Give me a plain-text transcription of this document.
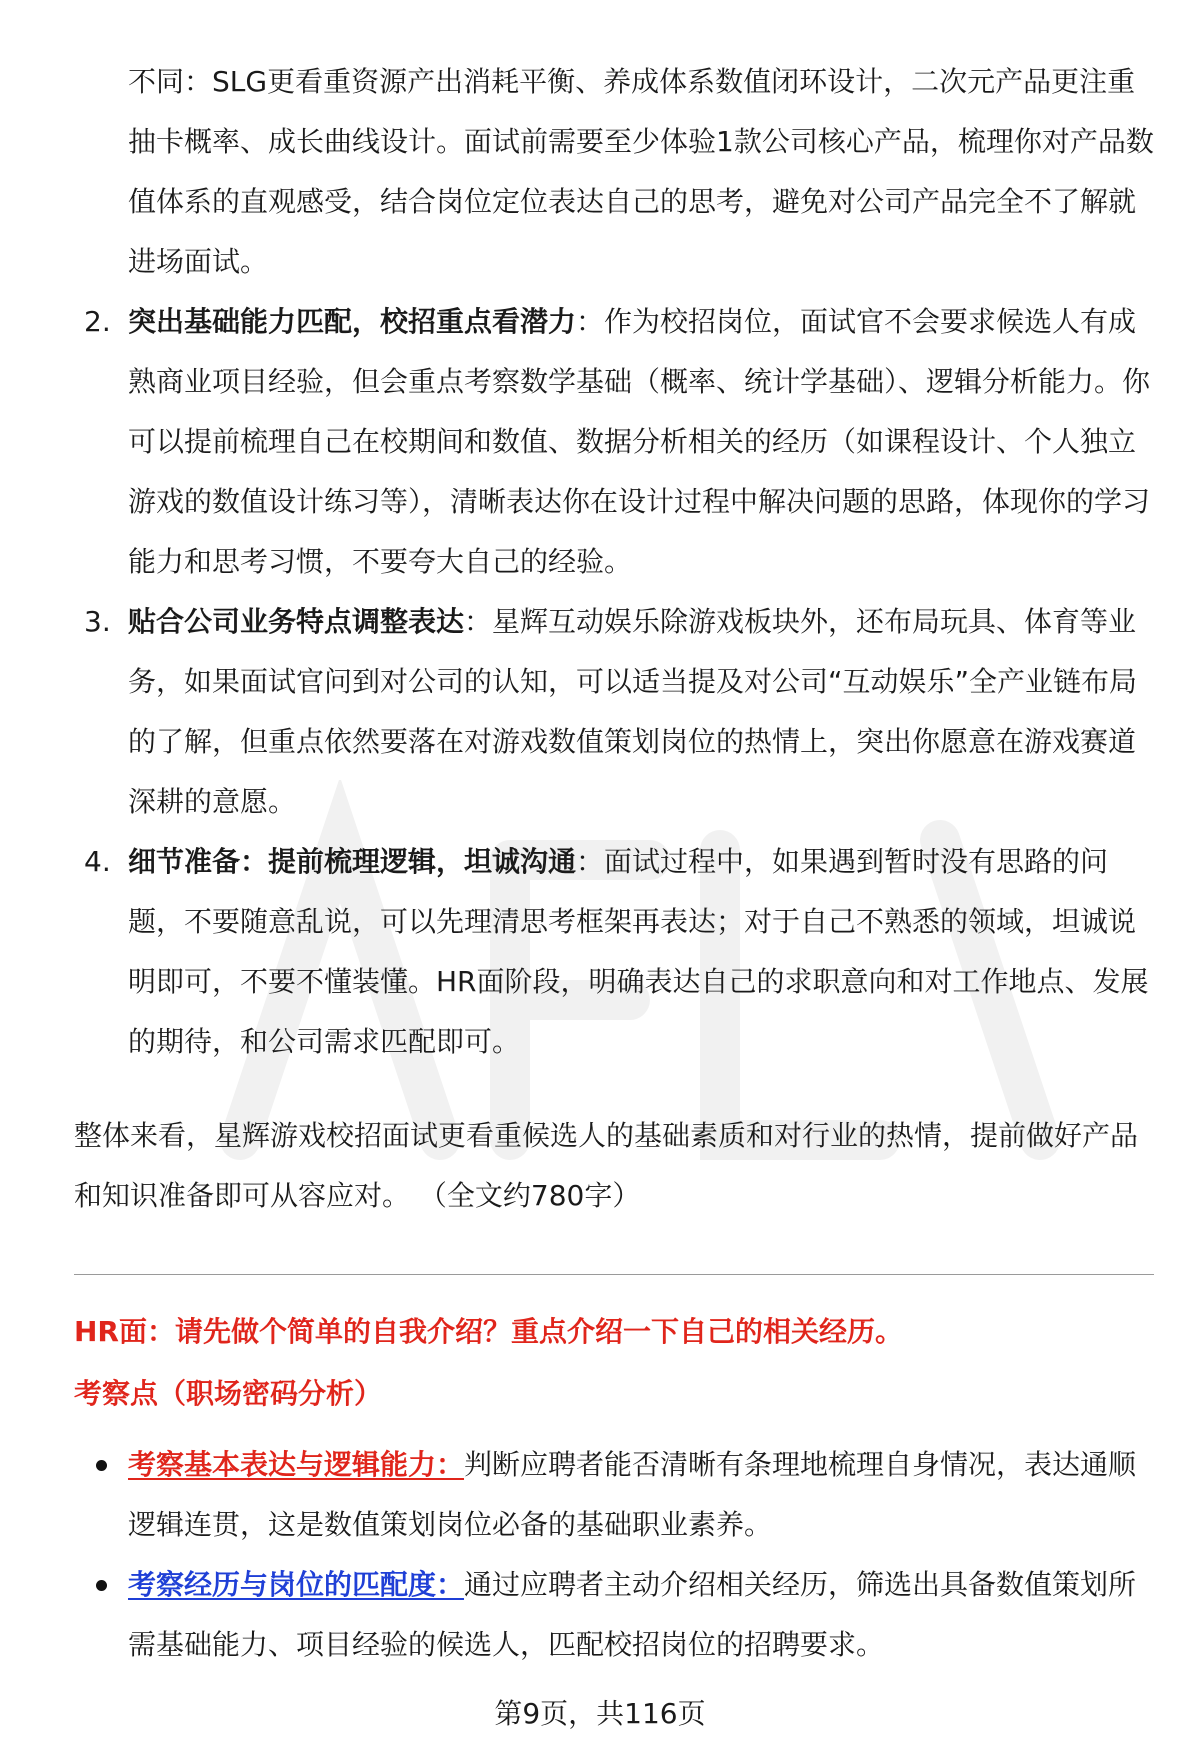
不同：SLG更看重资源产出消耗平衡、养成体系数值闭环设计，二次元产品更注重抽卡概率、成长曲线设计。面试前需要至少体验1款公司核心产品，梳理你对产品数值体系的直观感受，结合岗位定位表达自己的思考，避免对公司产品完全不了解就进场面试。
2. 突出基础能力匹配，校招重点看潜力：作为校招岗位，面试官不会要求候选人有成熟商业项目经验，但会重点考察数学基础（概率、统计学基础）、逻辑分析能力。你可以提前梳理自己在校期间和数值、数据分析相关的经历（如课程设计、个人独立游戏的数值设计练习等），清晰表达你在设计过程中解决问题的思路，体现你的学习能力和思考习惯，不要夸大自己的经验。
3. 贴合公司业务特点调整表达：星辉互动娱乐除游戏板块外，还布局玩具、体育等业务，如果面试官问到对公司的认知，可以适当提及对公司“互动娱乐”全产业链布局的了解，但重点依然要落在对游戏数值策划岗位的热情上，突出你愿意在游戏赛道深耕的意愿。
4. 细节准备：提前梳理逻辑，坦诚沟通：面试过程中，如果遇到暂时没有思路的问题，不要随意乱说，可以先理清思考框架再表达；对于自己不熟悉的领域，坦诚说明即可，不要不懂装懂。HR面阶段，明确表达自己的求职意向和对工作地点、发展的期待，和公司需求匹配即可。
整体来看，星辉游戏校招面试更看重候选人的基础素质和对行业的热情，提前做好产品和知识准备即可从容应对。 （全文约780字）
HR面：请先做个简单的自我介绍？重点介绍一下自己的相关经历。
考察点（职场密码分析）
考察基本表达与逻辑能力：判断应聘者能否清晰有条理地梳理自身情况，表达通顺逻辑连贯，这是数值策划岗位必备的基础职业素养。
考察经历与岗位的匹配度：通过应聘者主动介绍相关经历，筛选出具备数值策划所需基础能力、项目经验的候选人，匹配校招岗位的招聘要求。
第9页，共116页
